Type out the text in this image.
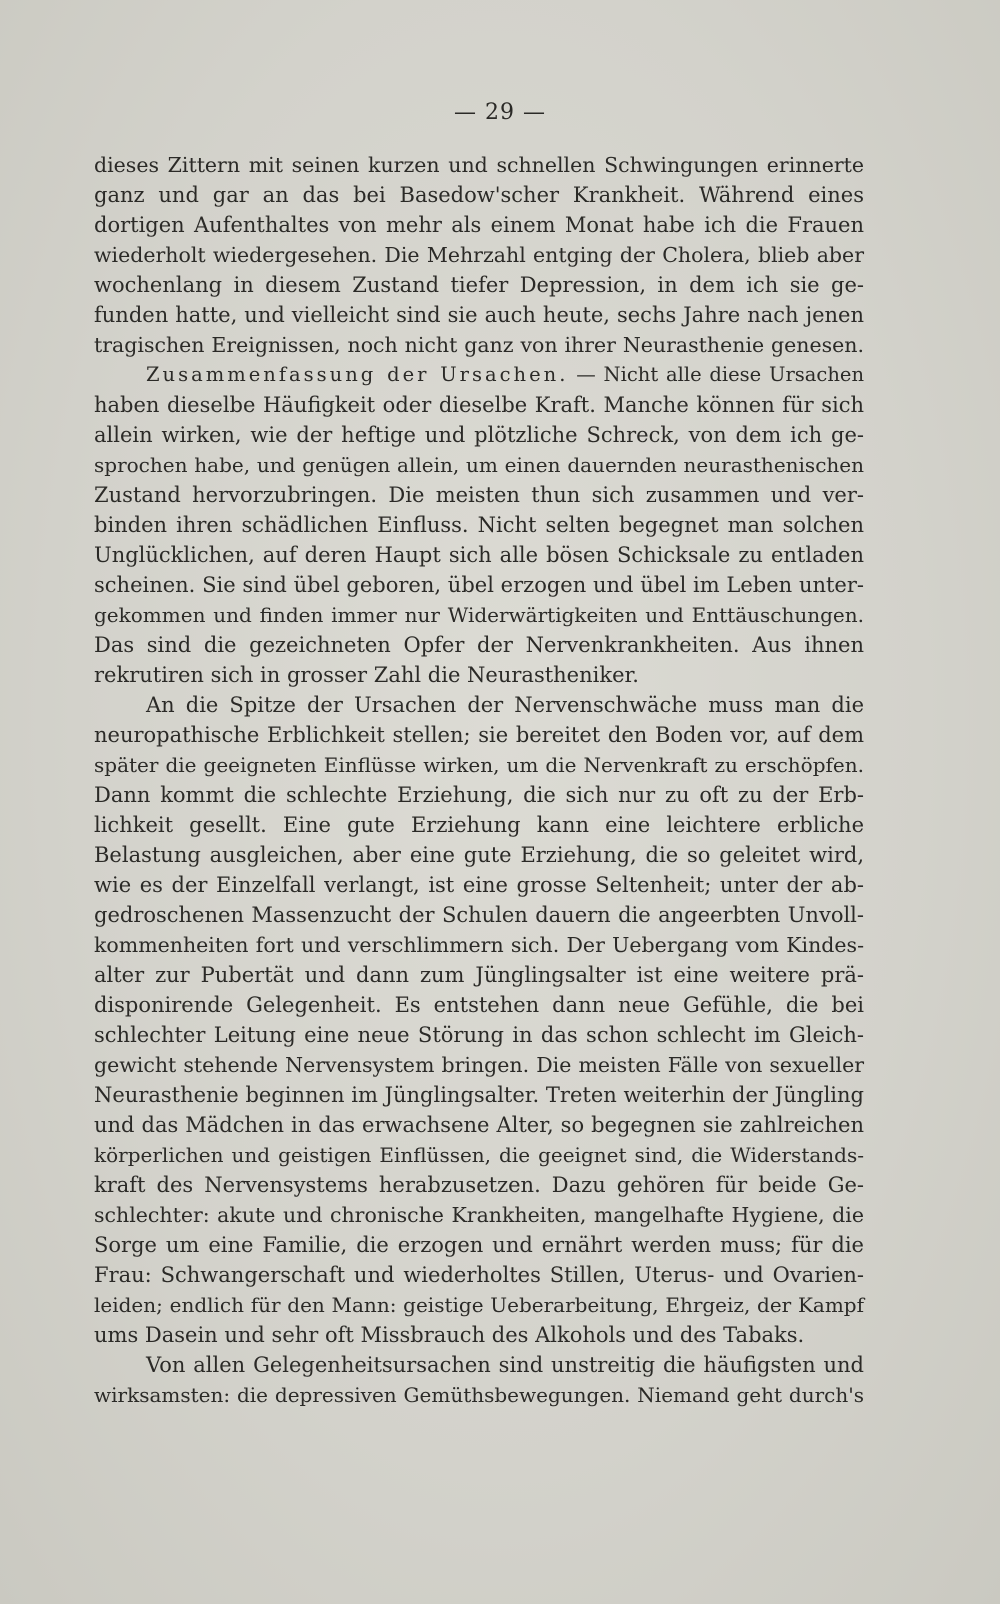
— 29 —
dieses Zittern mit seinen kurzen und schnellen Schwingungen erinnerte
ganz und gar an das bei Basedow'scher Krankheit. Während eines
dortigen Aufenthaltes von mehr als einem Monat habe ich die Frauen
wiederholt wiedergesehen. Die Mehrzahl entging der Cholera, blieb aber
wochenlang in diesem Zustand tiefer Depression, in dem ich sie ge-
funden hatte, und vielleicht sind sie auch heute, sechs Jahre nach jenen
tragischen Ereignissen, noch nicht ganz von ihrer Neurasthenie genesen.
Zusammenfassung der Ursachen. — Nicht alle diese Ursachen
haben dieselbe Häufigkeit oder dieselbe Kraft. Manche können für sich
allein wirken, wie der heftige und plötzliche Schreck, von dem ich ge-
sprochen habe, und genügen allein, um einen dauernden neurasthenischen
Zustand hervorzubringen. Die meisten thun sich zusammen und ver-
binden ihren schädlichen Einfluss. Nicht selten begegnet man solchen
Unglücklichen, auf deren Haupt sich alle bösen Schicksale zu entladen
scheinen. Sie sind übel geboren, übel erzogen und übel im Leben unter-
gekommen und finden immer nur Widerwärtigkeiten und Enttäuschungen.
Das sind die gezeichneten Opfer der Nervenkrankheiten. Aus ihnen
rekrutiren sich in grosser Zahl die Neurastheniker.
An die Spitze der Ursachen der Nervenschwäche muss man die
neuropathische Erblichkeit stellen; sie bereitet den Boden vor, auf dem
später die geeigneten Einflüsse wirken, um die Nervenkraft zu erschöpfen.
Dann kommt die schlechte Erziehung, die sich nur zu oft zu der Erb-
lichkeit gesellt. Eine gute Erziehung kann eine leichtere erbliche
Belastung ausgleichen, aber eine gute Erziehung, die so geleitet wird,
wie es der Einzelfall verlangt, ist eine grosse Seltenheit; unter der ab-
gedroschenen Massenzucht der Schulen dauern die angeerbten Unvoll-
kommenheiten fort und verschlimmern sich. Der Uebergang vom Kindes-
alter zur Pubertät und dann zum Jünglingsalter ist eine weitere prä-
disponirende Gelegenheit. Es entstehen dann neue Gefühle, die bei
schlechter Leitung eine neue Störung in das schon schlecht im Gleich-
gewicht stehende Nervensystem bringen. Die meisten Fälle von sexueller
Neurasthenie beginnen im Jünglingsalter. Treten weiterhin der Jüngling
und das Mädchen in das erwachsene Alter, so begegnen sie zahlreichen
körperlichen und geistigen Einflüssen, die geeignet sind, die Widerstands-
kraft des Nervensystems herabzusetzen. Dazu gehören für beide Ge-
schlechter: akute und chronische Krankheiten, mangelhafte Hygiene, die
Sorge um eine Familie, die erzogen und ernährt werden muss; für die
Frau: Schwangerschaft und wiederholtes Stillen, Uterus- und Ovarien-
leiden; endlich für den Mann: geistige Ueberarbeitung, Ehrgeiz, der Kampf
ums Dasein und sehr oft Missbrauch des Alkohols und des Tabaks.
Von allen Gelegenheitsursachen sind unstreitig die häufigsten und
wirksamsten: die depressiven Gemüthsbewegungen. Niemand geht durch's
